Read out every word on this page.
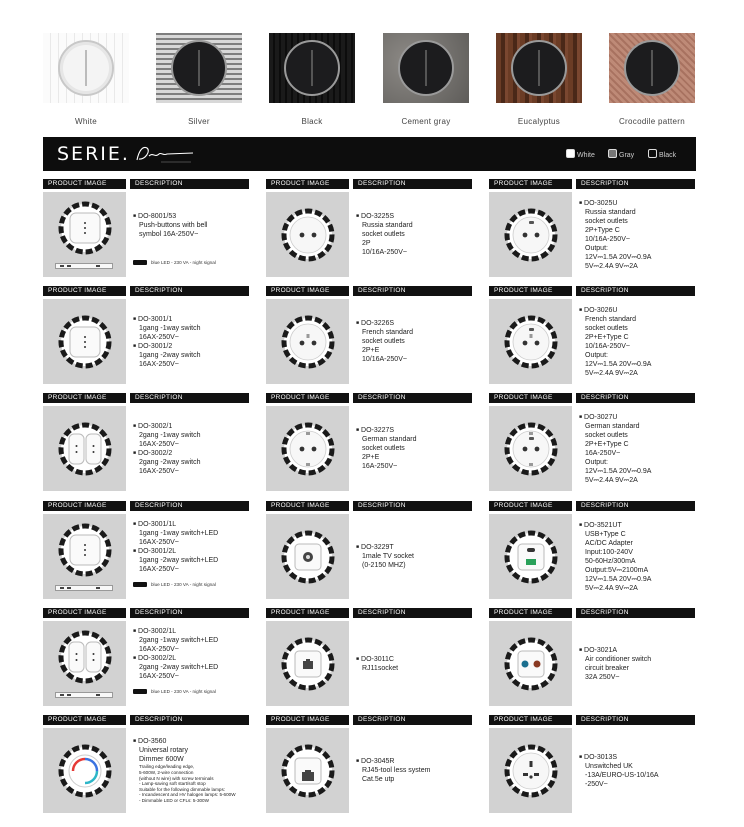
White	Silver	Black	Cement gray	Eucalyptus	Crocodile pattern
SERIE.	White	Gray	Black
PRODUCT IMAGE	DESCRIPTION
■ DO-8001/53
Push-buttons with bell
symbol 16A-250V~
blue LED - 230 VA - night signal
PRODUCT IMAGE	DESCRIPTION
■ DO-3225S
Russia standard
socket outlets
2P
10/16A-250V~
PRODUCT IMAGE	DESCRIPTION
■ DO-3025U
Russia standard
socket outlets
2P+Type C
10/16A-250V~
Output:
12V⎓1.5A 20V⎓0.9A
5V⎓2.4A 9V⎓2A
PRODUCT IMAGE	DESCRIPTION
■ DO-3001/1
1gang -1way switch
16AX-250V~
■ DO-3001/2
1gang -2way switch
16AX-250V~
PRODUCT IMAGE	DESCRIPTION
■ DO-3226S
French standard
socket outlets
2P+E
10/16A-250V~
PRODUCT IMAGE	DESCRIPTION
■ DO-3026U
French standard
socket outlets
2P+E+Type C
10/16A-250V~
Output:
12V⎓1.5A 20V⎓0.9A
5V⎓2.4A 9V⎓2A
PRODUCT IMAGE	DESCRIPTION
■ DO-3002/1
2gang -1way switch
16AX-250V~
■ DO-3002/2
2gang -2way switch
16AX-250V~
PRODUCT IMAGE	DESCRIPTION
■ DO-3227S
German standard
socket outlets
2P+E
16A-250V~
PRODUCT IMAGE	DESCRIPTION
■ DO-3027U
German standard
socket outlets
2P+E+Type C
16A-250V~
Output:
12V⎓1.5A 20V⎓0.9A
5V⎓2.4A 9V⎓2A
PRODUCT IMAGE	DESCRIPTION
■ DO-3001/1L
1gang -1way switch+LED
16AX-250V~
■ DO-3001/2L
1gang -2way switch+LED
16AX-250V~
blue LED - 230 VA - night signal
PRODUCT IMAGE	DESCRIPTION
■ DO-3229T
1male TV socket
(0-2150 MHZ)
PRODUCT IMAGE	DESCRIPTION
■ DO-3521UT
USB+Type C
AC/DC Adapter
Input:100-240V
50-60Hz/300mA
Output:5V⎓2100mA
12V⎓1.5A 20V⎓0.9A
5V⎓2.4A 9V⎓2A
PRODUCT IMAGE	DESCRIPTION
■ DO-3002/1L
2gang -1way switch+LED
16AX-250V~
■ DO-3002/2L
2gang -2way switch+LED
16AX-250V~
blue LED - 230 VA - night signal
PRODUCT IMAGE	DESCRIPTION
■ DO-3011C
RJ11socket
PRODUCT IMAGE	DESCRIPTION
■ DO-3021A
Air conditioner switch
circuit breaker
32A 250V~
PRODUCT IMAGE	DESCRIPTION
■ DO-3560
Universal rotary
Dimmer 600W
Trailing edge/leading edge,
5-600W, 2-wire connection
(without N wire) with screw terminals
- Lamp-saving soft start/soft stop
Suitable for the following dimmable lamps:
- Incandescent and HV halogen lamps: 5-600W
- Dimmable LED or CFLs: 5-300W
PRODUCT IMAGE	DESCRIPTION
■ DO-3045R
RJ45-tool less system
Cat.5e utp
PRODUCT IMAGE	DESCRIPTION
■ DO-3013S
Unswitched UK
-13A/EURO-US-10/16A
-250V~
